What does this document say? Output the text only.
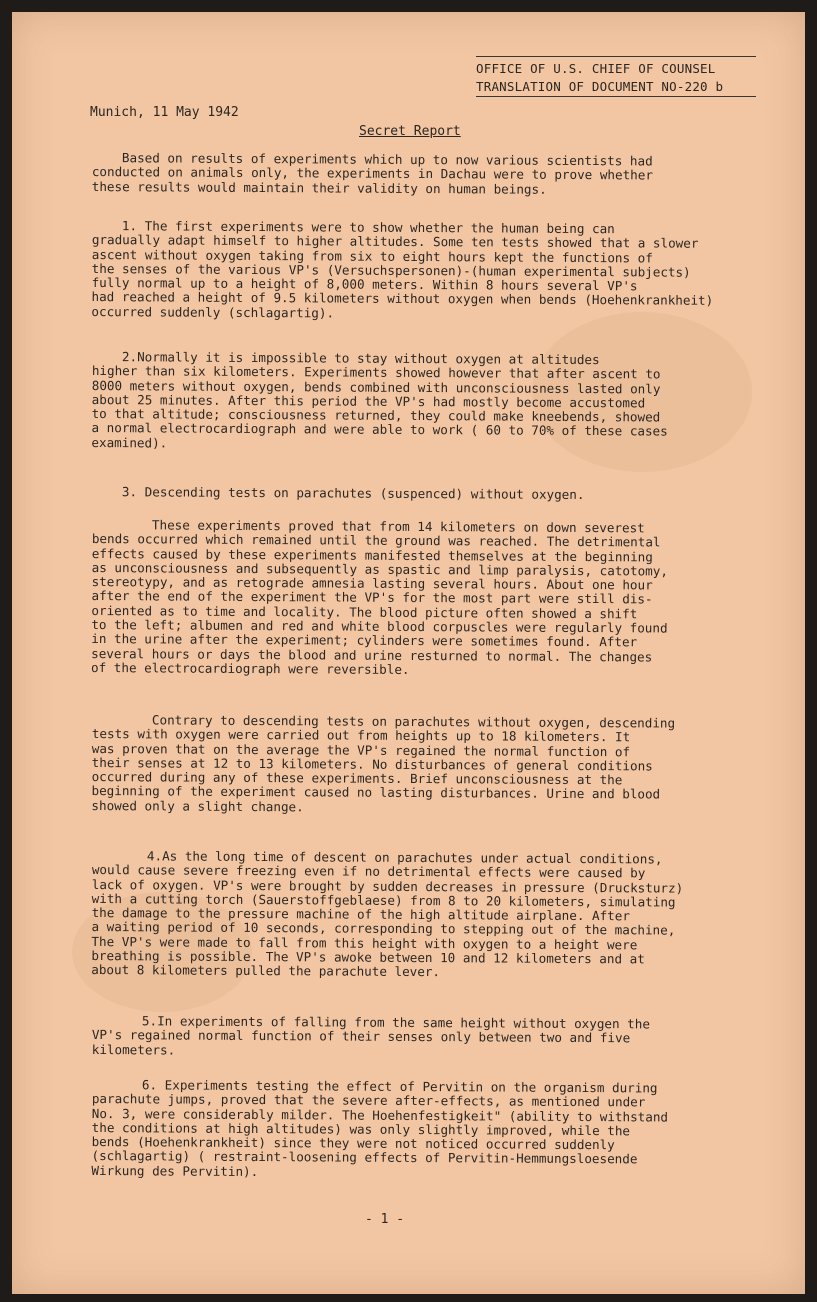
OFFICE OF U.S. CHIEF OF COUNSEL
TRANSLATION OF DOCUMENT NO-220 b
Munich, 11 May 1942
Secret Report
Based on results of experiments which up to now various scientists had
conducted on animals only, the experiments in Dachau were to prove whether
these results would maintain their validity on human beings.
1. The first experiments were to show whether the human being can
gradually adapt himself to higher altitudes. Some ten tests showed that a slower
ascent without oxygen taking from six to eight hours kept the functions of
the senses of the various VP's (Versuchspersonen)-(human experimental subjects)
fully normal up to a height of 8,000 meters. Within 8 hours several VP's
had reached a height of 9.5 kilometers without oxygen when bends (Hoehenkrankheit)
occurred suddenly (schlagartig).
2.Normally it is impossible to stay without oxygen at altitudes
higher than six kilometers. Experiments showed however that after ascent to
8000 meters without oxygen, bends combined with unconsciousness lasted only
about 25 minutes. After this period the VP's had mostly become accustomed
to that altitude; consciousness returned, they could make kneebends, showed
a normal electrocardiograph and were able to work ( 60 to 70% of these cases
examined).
3. Descending tests on parachutes (suspenced) without oxygen.
These experiments proved that from 14 kilometers on down severest
bends occurred which remained until the ground was reached. The detrimental
effects caused by these experiments manifested themselves at the beginning
as unconsciousness and subsequently as spastic and limp paralysis, catotomy,
stereotypy, and as retograde amnesia lasting several hours. About one hour
after the end of the experiment the VP's for the most part were still dis-
oriented as to time and locality. The blood picture often showed a shift
to the left; albumen and red and white blood corpuscles were regularly found
in the urine after the experiment; cylinders were sometimes found. After
several hours or days the blood and urine resturned to normal. The changes
of the electrocardiograph were reversible.
Contrary to descending tests on parachutes without oxygen, descending
tests with oxygen were carried out from heights up to 18 kilometers. It
was proven that on the average the VP's regained the normal function of
their senses at 12 to 13 kilometers. No disturbances of general conditions
occurred during any of these experiments. Brief unconsciousness at the
beginning of the experiment caused no lasting disturbances. Urine and blood
showed only a slight change.
4.As the long time of descent on parachutes under actual conditions,
would cause severe freezing even if no detrimental effects were caused by
lack of oxygen. VP's were brought by sudden decreases in pressure (Drucksturz)
with a cutting torch (Sauerstoffgeblaese) from 8 to 20 kilometers, simulating
the damage to the pressure machine of the high altitude airplane. After
a waiting period of 10 seconds, corresponding to stepping out of the machine,
The VP's were made to fall from this height with oxygen to a height were
breathing is possible. The VP's awoke between 10 and 12 kilometers and at
about 8 kilometers pulled the parachute lever.
5.In experiments of falling from the same height without oxygen the
VP's regained normal function of their senses only between two and five
kilometers.
6. Experiments testing the effect of Pervitin on the organism during
parachute jumps, proved that the severe after-effects, as mentioned under
No. 3, were considerably milder. The Hoehenfestigkeit" (ability to withstand
the conditions at high altitudes) was only slightly improved, while the
bends (Hoehenkrankheit) since they were not noticed occurred suddenly
(schlagartig) ( restraint-loosening effects of Pervitin-Hemmungsloesende
Wirkung des Pervitin).
- 1 -
